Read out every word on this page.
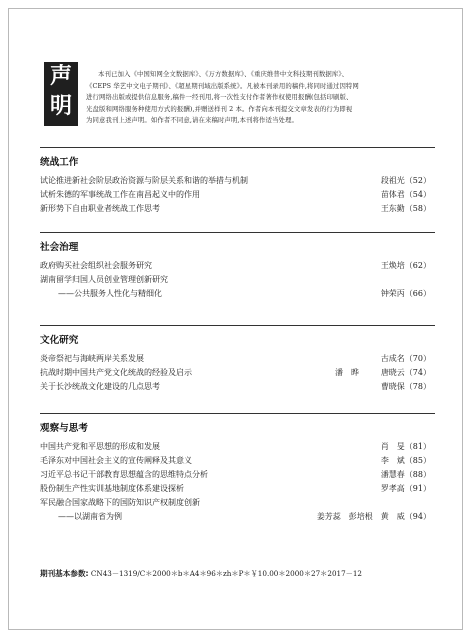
声
明
本刊已加入《中国知网全文数据库》、《万方数据库》、《重庆维普中文科技期刊数据库》、
《CEPS 华艺中文电子期刊》、《超星期刊域出版系统》。凡被本刊录用的稿件,将同时通过因特网
进行网络出版或提供信息服务,稿件一经刊用,将一次性支付作者著作权使用报酬(包括印刷版、
光盘版和网络服务种使用方式的报酬),并赠送样刊 2 本。作者向本刊提交文章发表的行为即视
为同意我刊上述声明。如作者不同意,请在来稿时声明,本刊将作适当处理。
统战工作
试论推进新社会阶层政治资源与阶层关系和谐的举措与机制	段祖光（52）
试析朱德的军事统战工作在南昌起义中的作用	苗体君（54）
新形势下自由职业者统战工作思考	王东勤（58）
社会治理
政府购买社会组织社会服务研究	王焕培（62）
湖南留学归国人员创业管理创新研究
——公共服务人性化与精细化	钟荣丙（66）
文化研究
炎帝祭祀与海峡两岸关系发展	古成名（70）
抗战时期中国共产党文化统战的经验及启示	潘　晔	唐晓云（74）
关于长沙统战文化建设的几点思考	曹晓保（78）
观察与思考
中国共产党和平思想的形成和发展	肖　旻（81）
毛泽东对中国社会主义的宣传阐释及其意义	李　斌（85）
习近平总书记干部教育思想蕴含的思维特点分析	潘慧春（88）
股份制生产性实训基地制度体系建设探析	罗孝高（91）
军民融合国家战略下的国防知识产权制度创新
——以湖南省为例	姜芳蕊　彭培根　黄　威（94）
期刊基本参数: CN43－1319/C＊2000＊b＊A4＊96＊zh＊P＊￥10.00＊2000＊27＊2017－12
